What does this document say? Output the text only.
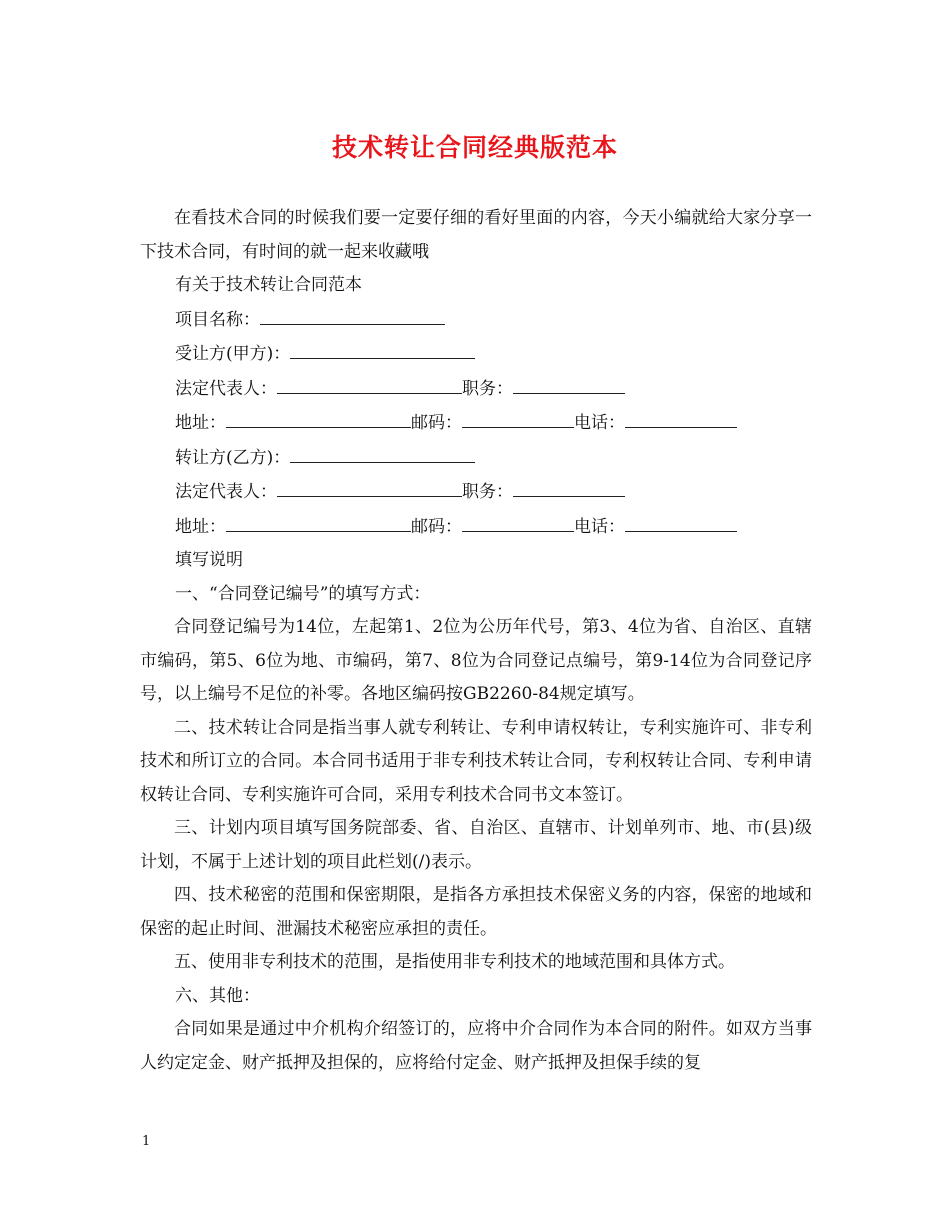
技术转让合同经典版范本

在看技术合同的时候我们要一定要仔细的看好里面的内容，今天小编就给大家分享一下技术合同，有时间的就一起来收藏哦

有关于技术转让合同范本

项目名称：

受让方(甲方)：

法定代表人：	职务：

地址：	邮码：	电话：

转让方(乙方)：

法定代表人：	职务：

地址：	邮码：	电话：

填写说明

一、“合同登记编号”的填写方式：

合同登记编号为14位，左起第1、2位为公历年代号，第3、4位为省、自治区、直辖市编码，第5、6位为地、市编码，第7、8位为合同登记点编号，第9-14位为合同登记序号，以上编号不足位的补零。各地区编码按GB2260-84规定填写。

二、技术转让合同是指当事人就专利转让、专利申请权转让，专利实施许可、非专利技术和所订立的合同。本合同书适用于非专利技术转让合同，专利权转让合同、专利申请权转让合同、专利实施许可合同，采用专利技术合同书文本签订。

三、计划内项目填写国务院部委、省、自治区、直辖市、计划单列市、地、市(县)级计划，不属于上述计划的项目此栏划(/)表示。

四、技术秘密的范围和保密期限，是指各方承担技术保密义务的内容，保密的地域和保密的起止时间、泄漏技术秘密应承担的责任。

五、使用非专利技术的范围，是指使用非专利技术的地域范围和具体方式。

六、其他：

合同如果是通过中介机构介绍签订的，应将中介合同作为本合同的附件。如双方当事人约定定金、财产抵押及担保的，应将给付定金、财产抵押及担保手续的复

1
